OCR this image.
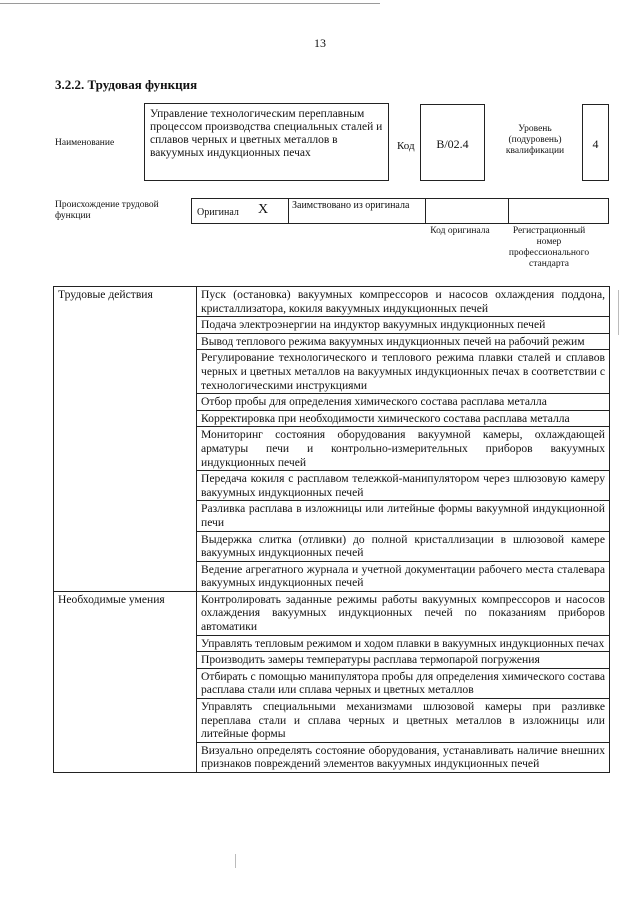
13
3.2.2. Трудовая функция
Наименование
Управление технологическим переплавным процессом производства специальных сталей и сплавов черных и цветных металлов в вакуумных индукционных печах
Код	В/02.4
Уровень (подуровень) квалификации	4
Происхождение трудовой функции	Оригинал X Заимствовано из оригинала
Код оригинала	Регистрационный номер профессионального стандарта
Трудовые действия	Пуск (остановка) вакуумных компрессоров и насосов охлаждения поддона, кристаллизатора, кокиля вакуумных индукционных печей
	Подача электроэнергии на индуктор вакуумных индукционных печей
	Вывод теплового режима вакуумных индукционных печей на рабочий режим
	Регулирование технологического и теплового режима плавки сталей и сплавов черных и цветных металлов на вакуумных индукционных печах в соответствии с технологическими инструкциями
	Отбор пробы для определения химического состава расплава металла
	Корректировка при необходимости химического состава расплава металла
	Мониторинг состояния оборудования вакуумной камеры, охлаждающей арматуры печи и контрольно-измерительных приборов вакуумных индукционных печей
	Передача кокиля с расплавом тележкой-манипулятором через шлюзовую камеру вакуумных индукционных печей
	Разливка расплава в изложницы или литейные формы вакуумной индукционной печи
	Выдержка слитка (отливки) до полной кристаллизации в шлюзовой камере вакуумных индукционных печей
	Ведение агрегатного журнала и учетной документации рабочего места сталевара вакуумных индукционных печей
Необходимые умения	Контролировать заданные режимы работы вакуумных компрессоров и насосов охлаждения вакуумных индукционных печей по показаниям приборов автоматики
	Управлять тепловым режимом и ходом плавки в вакуумных индукционных печах
	Производить замеры температуры расплава термопарой погружения
	Отбирать с помощью манипулятора пробы для определения химического состава расплава стали или сплава черных и цветных металлов
	Управлять специальными механизмами шлюзовой камеры при разливке переплава стали и сплава черных и цветных металлов в изложницы или литейные формы
	Визуально определять состояние оборудования, устанавливать наличие внешних признаков повреждений элементов вакуумных индукционных печей
